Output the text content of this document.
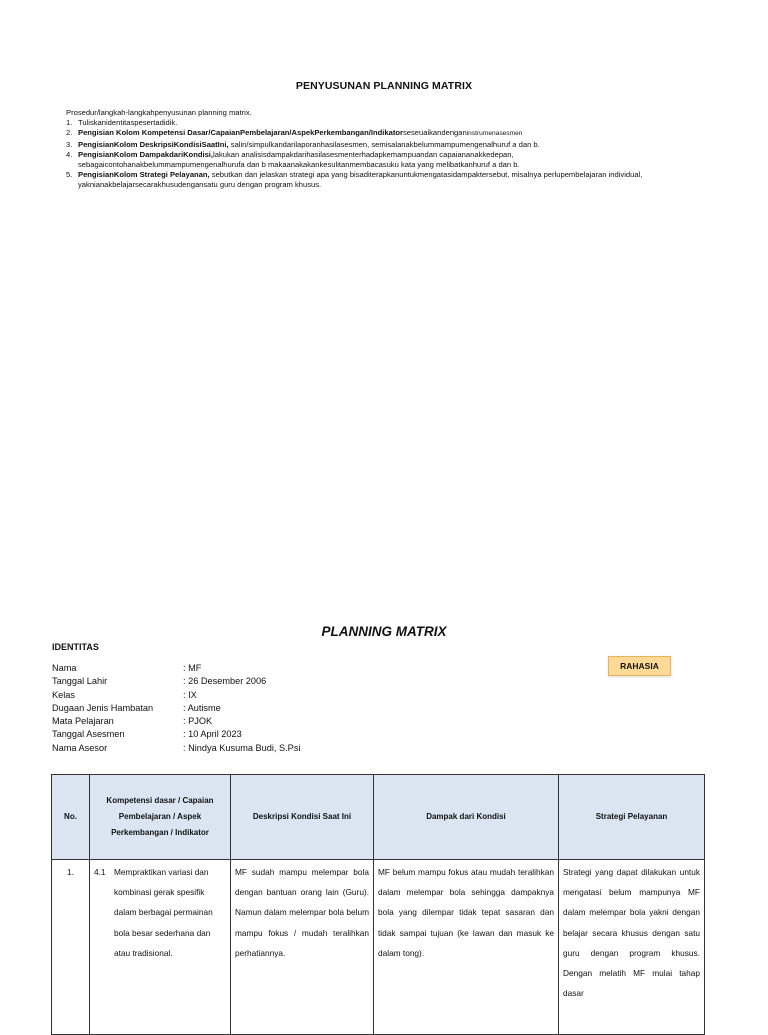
PENYUSUNAN PLANNING MATRIX

Prosedur/langkah-langkahpenyusunan planning matrix.

1. Tuliskanidentitaspesertadidik.
2. Pengisian Kolom Kompetensi Dasar/CapaianPembelajaran/AspekPerkembangan/Indikatorseseuaikandenganinstrumenasesmen
3. PengisianKolom DeskripsiKondisiSaatIni, salin/simpulkandarilaporanhasilasesmen, semisalanakbelummampumengenalhuruf a dan b.
4. PengisianKolom DampakdariKondisi,lakukan analisisdampakdarihasilasesmenterhadapkemampuandan capaiananakkedepan,
sebagaicontohanakbelummampumengenalhurufa dan b makaanakakankesulitanmembacasuku kata yang melibatkanhuruf a dan b.
5. PengisianKolom Strategi Pelayanan, sebutkan dan jelaskan strategi apa yang bisaditerapkanuntukmengatasidampaktersebut, misalnya perlupembelajaran individual,
yaknianakbelajarsecarakhusudengansatu guru dengan program khusus.
PLANNING MATRIX
IDENTITAS
RAHASIA
Nama	: MF
Tanggal Lahir	: 26 Desember 2006
Kelas	: IX
Dugaan Jenis Hambatan	: Autisme
Mata Pelajaran	: PJOK
Tanggal Asesmen	: 10 April 2023
Nama Asesor	: Nindya Kusuma Budi, S.Psi
No.	Kompetensi dasar / Capaian Pembelajaran / Aspek Perkembangan / Indikator	Deskripsi Kondisi Saat Ini	Dampak dari Kondisi	Strategi Pelayanan
1.	4.1 Mempraktikan variasi dan kombinasi gerak spesifik dalam berbagai permainan bola besar sederhana dan atau tradisional.	MF sudah mampu melempar bola dengan bantuan orang lain (Guru). Namun dalam melempar bola belum mampu fokus / mudah teralihkan perhatiannya.	MF belum mampu fokus atau mudah teralihkan dalam melempar bola sehingga dampaknya bola yang dilempar tidak tepat sasaran dan tidak sampai tujuan (ke lawan dan masuk ke dalam tong).	Strategi yang dapat dilakukan untuk mengatasi belum mampunya MF dalam melempar bola yakni dengan belajar secara khusus dengan satu guru dengan program khusus. Dengan melatih MF mulai tahap dasar
